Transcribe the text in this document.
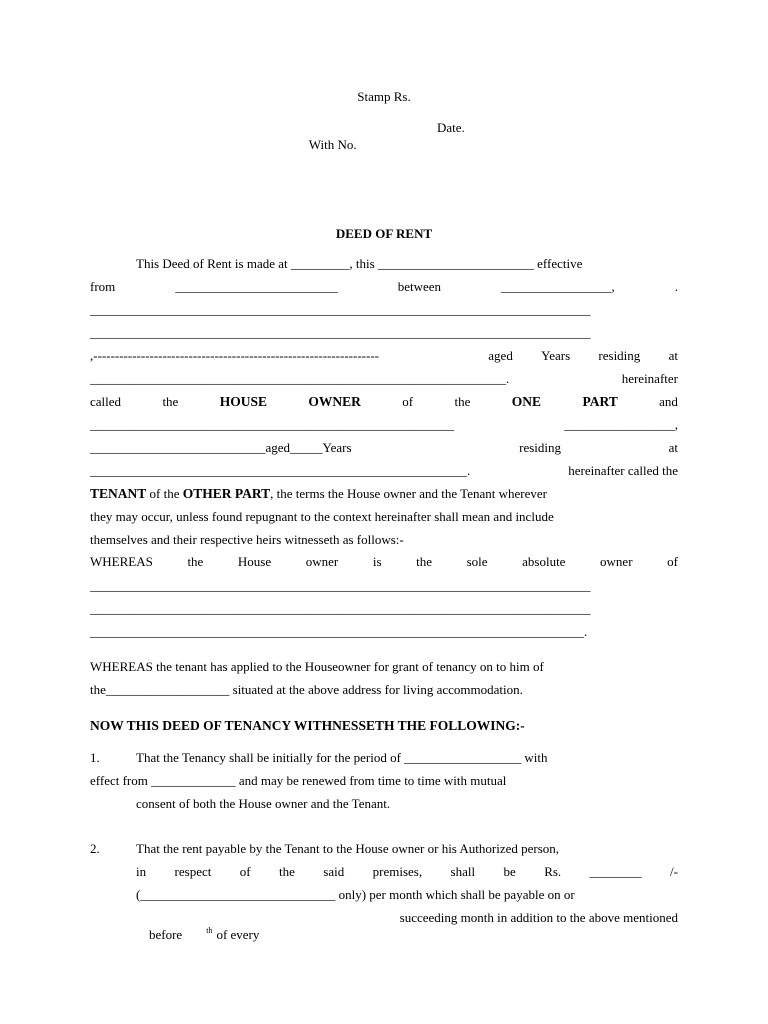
Stamp Rs.

With No.

Date.
DEED OF RENT
This Deed of Rent is made at _________, this ________________________ effective
from	_________________________	between	_________________,	.
_____________________________________________________________________________
_____________________________________________________________________________
,------------------------------------------------------------------	aged Years residing at
________________________________________________________________.	hereinafter
called	the	HOUSE	OWNER	of	the	ONE	PART	and
________________________________________________________	_________________,
___________________________aged_____Years	residing	at
__________________________________________________________.	hereinafter called the
TENANT of the OTHER PART, the terms the House owner and the Tenant wherever
they may occur, unless found repugnant to the context hereinafter shall mean and include
themselves and their respective heirs witnesseth as follows:-
WHEREAS	the	House	owner	is	the	sole	absolute	owner	of
_____________________________________________________________________________
_____________________________________________________________________________
____________________________________________________________________________.
WHEREAS the tenant has applied to the Houseowner for grant of tenancy on to him of
the___________________ situated at the above address for living accommodation.
NOW THIS DEED OF TENANCY WITHNESSETH THE FOLLOWING:-
1.	That the Tenancy shall be initially for the period of __________________ with
effect from _____________ and may be renewed from time to time with mutual
consent of both the House owner and the Tenant.
2.	That the rent payable by the Tenant to the House owner or his Authorized person,
in respect of the said premises, shall be Rs. ________ /-
(______________________________ only) per month which shall be payable on or

before	$^{th}$ of every
succeeding month in addition to the above mentioned
